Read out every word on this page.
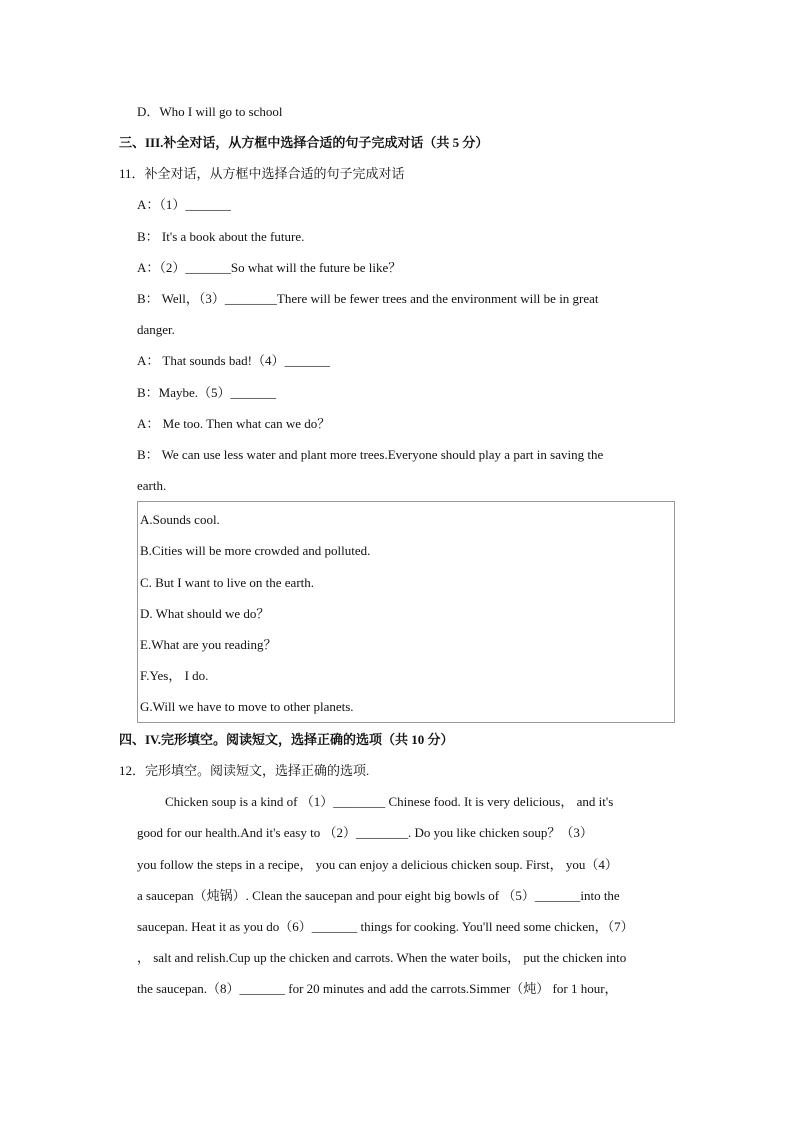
D．Who I will go to school
三、III.补全对话，从方框中选择合适的句子完成对话（共 5 分）
11．补全对话，从方框中选择合适的句子完成对话
A：（1）_______
B： It's a book about the future.
A：（2）_______So what will the future be like？
B： Well，（3）________There will be fewer trees and the environment will be in great
danger.
A： That sounds bad!（4）_______
B：Maybe.（5）_______
A： Me too. Then what can we do？
B： We can use less water and plant more trees.Everyone should play a part in saving the
earth.
A.Sounds cool.
B.Cities will be more crowded and polluted.
C. But I want to live on the earth.
D. What should we do？
E.What are you reading？
F.Yes， I do.
G.Will we have to move to other planets.
四、IV.完形填空。阅读短文，选择正确的选项（共 10 分）
12．完形填空。阅读短文，选择正确的选项.
Chicken soup is a kind of （1）________ Chinese food. It is very delicious， and it's
good for our health.And it's easy to （2）________. Do you like chicken soup？（3）
you follow the steps in a recipe， you can enjoy a delicious chicken soup. First， you（4）
a saucepan（炖锅）. Clean the saucepan and pour eight big bowls of （5）_______into the
saucepan. Heat it as you do（6）_______ things for cooking. You'll need some chicken，（7）
， salt and relish.Cup up the chicken and carrots. When the water boils， put the chicken into
the saucepan.（8）_______ for 20 minutes and add the carrots.Simmer（炖） for 1 hour，
